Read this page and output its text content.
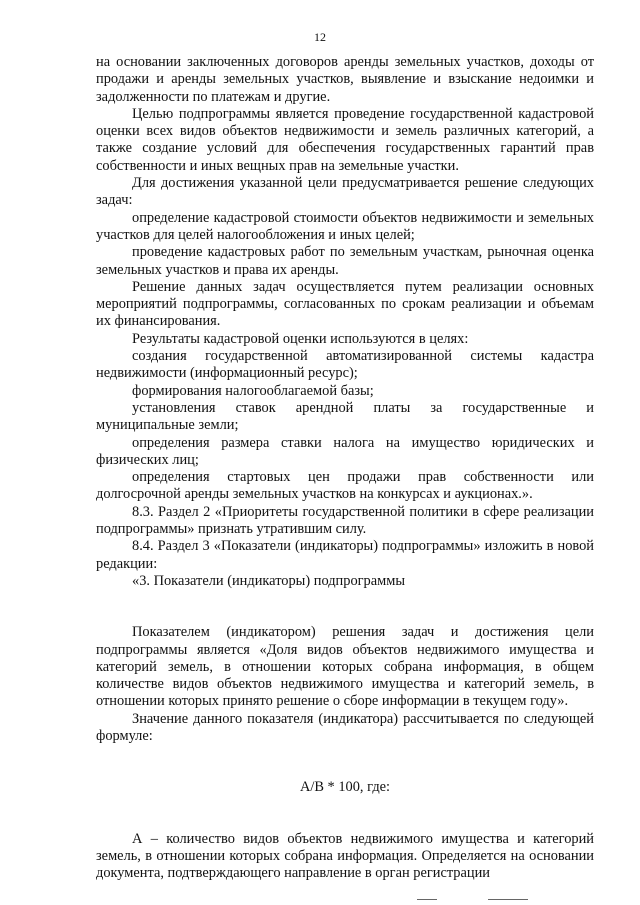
12

на основании заключенных договоров аренды земельных участков, доходы от продажи и аренды земельных участков, выявление и взыскание недоимки и задолженности по платежам и другие.

Целью подпрограммы является проведение государственной кадастровой оценки всех видов объектов недвижимости и земель различных категорий, а также создание условий для обеспечения государственных гарантий прав собственности и иных вещных прав на земельные участки.

Для достижения указанной цели предусматривается решение следующих задач:

определение кадастровой стоимости объектов недвижимости и земельных участков для целей налогообложения и иных целей;

проведение кадастровых работ по земельным участкам, рыночная оценка земельных участков и права их аренды.

Решение данных задач осуществляется путем реализации основных мероприятий подпрограммы, согласованных по срокам реализации и объемам их финансирования.

Результаты кадастровой оценки используются в целях:

создания государственной автоматизированной системы кадастра недвижимости (информационный ресурс);

формирования налогооблагаемой базы;

установления ставок арендной платы за государственные и муниципальные земли;

определения размера ставки налога на имущество юридических и физических лиц;

определения стартовых цен продажи прав собственности или долгосрочной аренды земельных участков на конкурсах и аукционах.».

8.3. Раздел 2 «Приоритеты государственной политики в сфере реализации подпрограммы» признать утратившим силу.

8.4. Раздел 3 «Показатели (индикаторы) подпрограммы» изложить в новой редакции:

«3. Показатели (индикаторы) подпрограммы

Показателем (индикатором) решения задач и достижения цели подпрограммы является «Доля видов объектов недвижимого имущества и категорий земель, в отношении которых собрана информация, в общем количестве видов объектов недвижимого имущества и категорий земель, в отношении которых принято решение о сборе информации в текущем году».

Значение данного показателя (индикатора) рассчитывается по следующей формуле:

А/В * 100, где:

А – количество видов объектов недвижимого имущества и категорий земель, в отношении которых собрана информация. Определяется на основании документа, подтверждающего направление в орган регистрации
